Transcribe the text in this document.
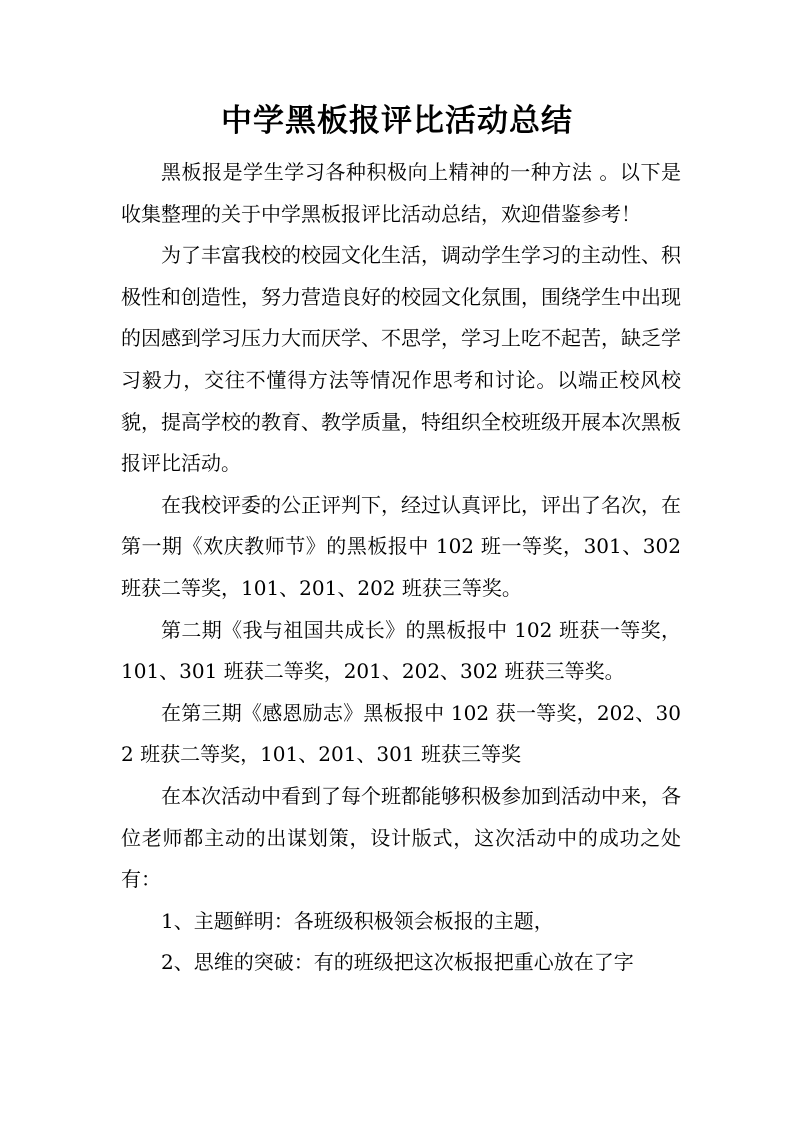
中学黑板报评比活动总结

黑板报是学生学习各种积极向上精神的一种方法 。以下是收集整理的关于中学黑板报评比活动总结，欢迎借鉴参考！

为了丰富我校的校园文化生活，调动学生学习的主动性、积极性和创造性，努力营造良好的校园文化氛围，围绕学生中出现的因感到学习压力大而厌学、不思学，学习上吃不起苦，缺乏学习毅力，交往不懂得方法等情况作思考和讨论。以端正校风校貌，提高学校的教育、教学质量，特组织全校班级开展本次黑板报评比活动。

在我校评委的公正评判下，经过认真评比，评出了名次，在第一期《欢庆教师节》的黑板报中 102 班一等奖，301、302 班获二等奖，101、201、202 班获三等奖。

第二期《我与祖国共成长》的黑板报中 102 班获一等奖，101、301 班获二等奖，201、202、302 班获三等奖。

在第三期《感恩励志》黑板报中 102 获一等奖，202、302 班获二等奖，101、201、301 班获三等奖

在本次活动中看到了每个班都能够积极参加到活动中来，各位老师都主动的出谋划策，设计版式，这次活动中的成功之处有：

1、主题鲜明：各班级积极领会板报的主题，

2、思维的突破：有的班级把这次板报把重心放在了字
